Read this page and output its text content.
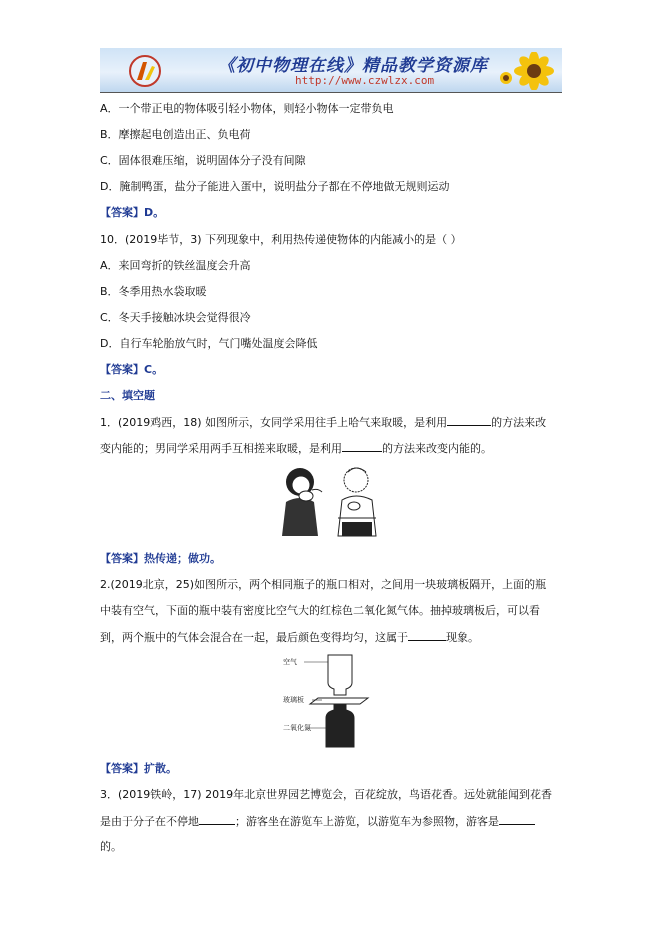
《初中物理在线》精品教学资源库
http://www.czwlzx.com
A．一个带正电的物体吸引轻小物体，则轻小物体一定带负电
B．摩擦起电创造出正、负电荷
C．固体很难压缩，说明固体分子没有间隙
D．腌制鸭蛋，盐分子能进入蛋中，说明盐分子都在不停地做无规则运动
【答案】D。
10．(2019毕节，3) 下列现象中，利用热传递使物体的内能减小的是（ ）
A．来回弯折的铁丝温度会升高
B．冬季用热水袋取暖
C．冬天手接触冰块会觉得很冷
D．自行车轮胎放气时，气门嘴处温度会降低
【答案】C。
二、填空题
1．(2019鸡西，18) 如图所示，女同学采用往手上哈气来取暖，是利用	的方法来改
变内能的；男同学采用两手互相搓来取暖，是利用	的方法来改变内能的。
【答案】热传递；做功。
2.(2019北京，25)如图所示，两个相同瓶子的瓶口相对，之间用一块玻璃板隔开，上面的瓶
中装有空气，下面的瓶中装有密度比空气大的红棕色二氧化氮气体。抽掉玻璃板后，可以看
到，两个瓶中的气体会混合在一起，最后颜色变得均匀，这属于	现象。
空气
玻璃板
二氧化氮
【答案】扩散。
3．(2019铁岭，17) 2019年北京世界园艺博览会，百花绽放，鸟语花香。远处就能闻到花香
是由于分子在不停地	；游客坐在游览车上游览，以游览车为参照物，游客是
的。
